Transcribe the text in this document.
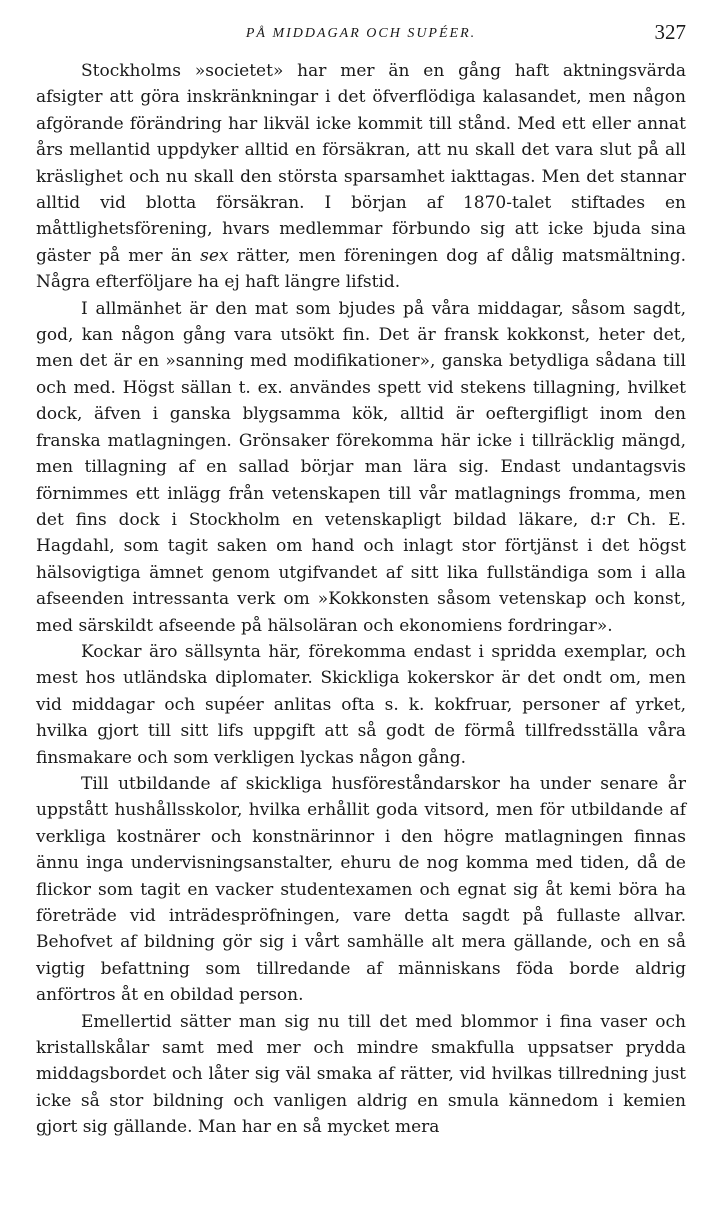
PÅ MIDDAGAR OCH SUPÉER.	327

Stockholms »societet» har mer än en gång haft aktningsvärda afsigter att göra inskränkningar i det öfverflödiga kalasandet, men någon afgörande förändring har likväl icke kommit till stånd. Med ett eller annat års mellantid uppdyker alltid en försäkran, att nu skall det vara slut på all kräslighet och nu skall den största sparsamhet iakttagas. Men det stannar alltid vid blotta försäkran. I början af 1870-talet stiftades en måttlighetsförening, hvars medlemmar förbundo sig att icke bjuda sina gäster på mer än sex rätter, men föreningen dog af dålig matsmältning. Några efterföljare ha ej haft längre lifstid.

I allmänhet är den mat som bjudes på våra middagar, såsom sagdt, god, kan någon gång vara utsökt fin. Det är fransk kokkonst, heter det, men det är en »sanning med modifikationer», ganska betydliga sådana till och med. Högst sällan t. ex. användes spett vid stekens tillagning, hvilket dock, äfven i ganska blygsamma kök, alltid är oeftergifligt inom den franska matlagningen. Grönsaker förekomma här icke i tillräcklig mängd, men tillagning af en sallad börjar man lära sig. Endast undantagsvis förnimmes ett inlägg från vetenskapen till vår matlagnings fromma, men det fins dock i Stockholm en vetenskapligt bildad läkare, d:r Ch. E. Hagdahl, som tagit saken om hand och inlagt stor förtjänst i det högst hälsovigtiga ämnet genom utgifvandet af sitt lika fullständiga som i alla afseenden intressanta verk om »Kokkonsten såsom vetenskap och konst, med särskildt afseende på hälsoläran och ekonomiens fordringar».

Kockar äro sällsynta här, förekomma endast i spridda exemplar, och mest hos utländska diplomater. Skickliga kokerskor är det ondt om, men vid middagar och supéer anlitas ofta s. k. kokfruar, personer af yrket, hvilka gjort till sitt lifs uppgift att så godt de förmå tillfredsställa våra finsmakare och som verkligen lyckas någon gång.

Till utbildande af skickliga husföreståndarskor ha under senare år uppstått hushållsskolor, hvilka erhållit goda vitsord, men för utbildande af verkliga kostnärer och konstnärinnor i den högre matlagningen finnas ännu inga undervisningsanstalter, ehuru de nog komma med tiden, då de flickor som tagit en vacker studentexamen och egnat sig åt kemi böra ha företräde vid inträdespröfningen, vare detta sagdt på fullaste allvar. Behofvet af bildning gör sig i vårt samhälle alt mera gällande, och en så vigtig befattning som tillredande af människans föda borde aldrig anförtros åt en obildad person.

Emellertid sätter man sig nu till det med blommor i fina vaser och kristallskålar samt med mer och mindre smakfulla uppsatser prydda middagsbordet och låter sig väl smaka af rätter, vid hvilkas tillredning just icke så stor bildning och vanligen aldrig en smula kännedom i kemien gjort sig gällande. Man har en så mycket mera
